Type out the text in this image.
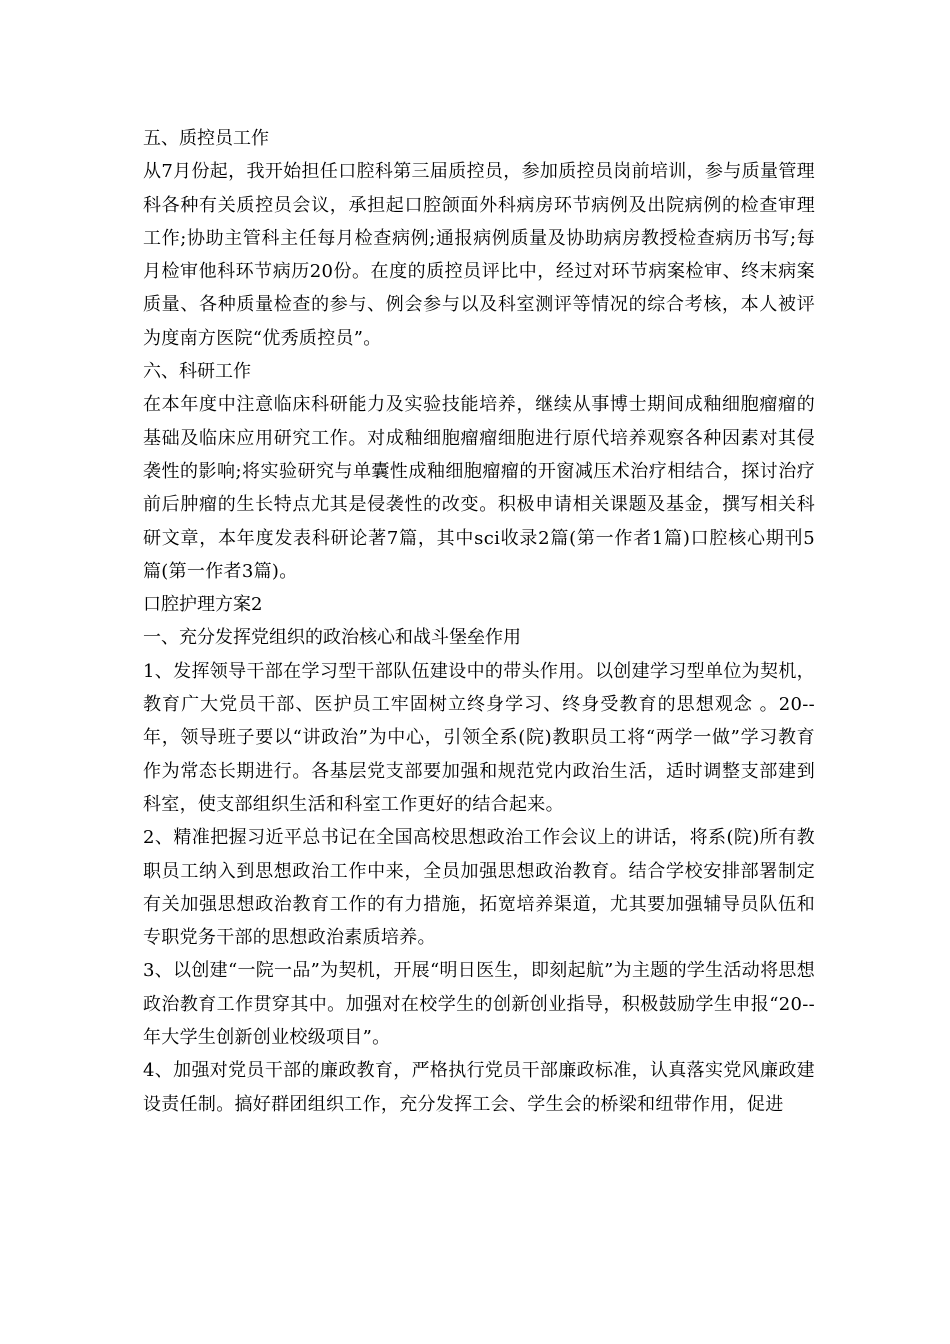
五、质控员工作

从7月份起，我开始担任口腔科第三届质控员，参加质控员岗前培训，参与质量管理科各种有关质控员会议，承担起口腔颌面外科病房环节病例及出院病例的检查审理工作;协助主管科主任每月检查病例;通报病例质量及协助病房教授检查病历书写;每月检审他科环节病历20份。在度的质控员评比中，经过对环节病案检审、终末病案质量、各种质量检查的参与、例会参与以及科室测评等情况的综合考核，本人被评为度南方医院“优秀质控员”。

六、科研工作

在本年度中注意临床科研能力及实验技能培养，继续从事博士期间成釉细胞瘤瘤的基础及临床应用研究工作。对成釉细胞瘤瘤细胞进行原代培养观察各种因素对其侵袭性的影响;将实验研究与单囊性成釉细胞瘤瘤的开窗减压术治疗相结合，探讨治疗前后肿瘤的生长特点尤其是侵袭性的改变。积极申请相关课题及基金，撰写相关科研文章，本年度发表科研论著7篇，其中sci收录2篇(第一作者1篇)口腔核心期刊5篇(第一作者3篇)。

口腔护理方案2

一、充分发挥党组织的政治核心和战斗堡垒作用

1、发挥领导干部在学习型干部队伍建设中的带头作用。以创建学习型单位为契机，教育广大党员干部、医护员工牢固树立终身学习、终身受教育的思想观念 。20--年，领导班子要以“讲政治”为中心，引领全系(院)教职员工将“两学一做”学习教育作为常态长期进行。各基层党支部要加强和规范党内政治生活，适时调整支部建到科室，使支部组织生活和科室工作更好的结合起来。

2、精准把握习近平总书记在全国高校思想政治工作会议上的讲话，将系(院)所有教职员工纳入到思想政治工作中来，全员加强思想政治教育。结合学校安排部署制定有关加强思想政治教育工作的有力措施，拓宽培养渠道，尤其要加强辅导员队伍和专职党务干部的思想政治素质培养。

3、以创建“一院一品”为契机，开展“明日医生，即刻起航”为主题的学生活动将思想政治教育工作贯穿其中。加强对在校学生的创新创业指导，积极鼓励学生申报“20--年大学生创新创业校级项目”。

4、加强对党员干部的廉政教育，严格执行党员干部廉政标准，认真落实党风廉政建设责任制。搞好群团组织工作，充分发挥工会、学生会的桥梁和纽带作用，促进
